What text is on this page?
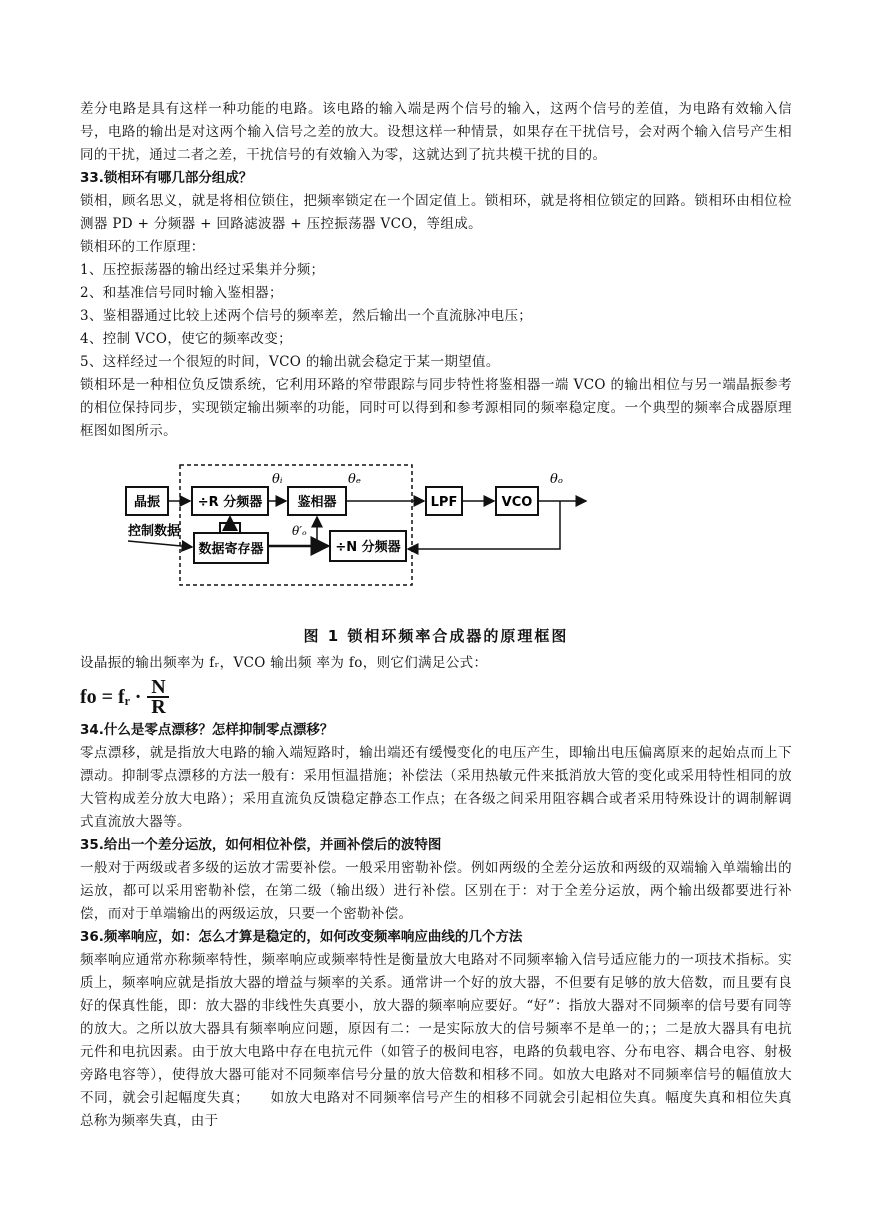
差分电路是具有这样一种功能的电路。该电路的输入端是两个信号的输入，这两个信号的差值，为电路有效输入信号，电路的输出是对这两个输入信号之差的放大。设想这样一种情景，如果存在干扰信号，会对两个输入信号产生相同的干扰，通过二者之差，干扰信号的有效输入为零，这就达到了抗共模干扰的目的。

33.锁相环有哪几部分组成？

锁相，顾名思义，就是将相位锁住，把频率锁定在一个固定值上。锁相环，就是将相位锁定的回路。锁相环由相位检测器 PD + 分频器 + 回路滤波器 + 压控振荡器 VCO，等组成。

锁相环的工作原理：

1、压控振荡器的输出经过采集并分频；

2、和基准信号同时输入鉴相器；

3、鉴相器通过比较上述两个信号的频率差，然后输出一个直流脉冲电压；

4、控制 VCO，使它的频率改变；

5、这样经过一个很短的时间，VCO 的输出就会稳定于某一期望值。

锁相环是一种相位负反馈系统，它利用环路的窄带跟踪与同步特性将鉴相器一端 VCO 的输出相位与另一端晶振参考的相位保持同步，实现锁定输出频率的功能，同时可以得到和参考源相同的频率稳定度。一个典型的频率合成器原理框图如图所示。

晶振	÷R 分频器	鉴相器	LPF	VCO
数据寄存器	÷N 分频器
控制数据
θᵢ	θₑ	θₒ
θ′ₒ

图 1 锁相环频率合成器的原理框图

设晶振的输出频率为 fᵣ，VCO 输出频 率为 fo，则它们满足公式：

fo = fᵣ · $\frac{N}{R}$

34.什么是零点漂移？怎样抑制零点漂移？

零点漂移，就是指放大电路的输入端短路时，输出端还有缓慢变化的电压产生，即输出电压偏离原来的起始点而上下漂动。抑制零点漂移的方法一般有：采用恒温措施；补偿法（采用热敏元件来抵消放大管的变化或采用特性相同的放大管构成差分放大电路）；采用直流负反馈稳定静态工作点；在各级之间采用阻容耦合或者采用特殊设计的调制解调式直流放大器等。

35.给出一个差分运放，如何相位补偿，并画补偿后的波特图

一般对于两级或者多级的运放才需要补偿。一般采用密勒补偿。例如两级的全差分运放和两级的双端输入单端输出的运放，都可以采用密勒补偿，在第二级（输出级）进行补偿。区别在于：对于全差分运放，两个输出级都要进行补偿，而对于单端输出的两级运放，只要一个密勒补偿。

36.频率响应，如：怎么才算是稳定的，如何改变频率响应曲线的几个方法

频率响应通常亦称频率特性，频率响应或频率特性是衡量放大电路对不同频率输入信号适应能力的一项技术指标。实质上，频率响应就是指放大器的增益与频率的关系。通常讲一个好的放大器，不但要有足够的放大倍数，而且要有良好的保真性能，即：放大器的非线性失真要小，放大器的频率响应要好。“好”：指放大器对不同频率的信号要有同等的放大。之所以放大器具有频率响应问题，原因有二：一是实际放大的信号频率不是单一的；；二是放大器具有电抗元件和电抗因素。由于放大电路中存在电抗元件（如管子的极间电容，电路的负载电容、分布电容、耦合电容、射极旁路电容等），使得放大器可能对不同频率信号分量的放大倍数和相移不同。如放大电路对不同频率信号的幅值放大不同，就会引起幅度失真；　　如放大电路对不同频率信号产生的相移不同就会引起相位失真。幅度失真和相位失真总称为频率失真，由于
